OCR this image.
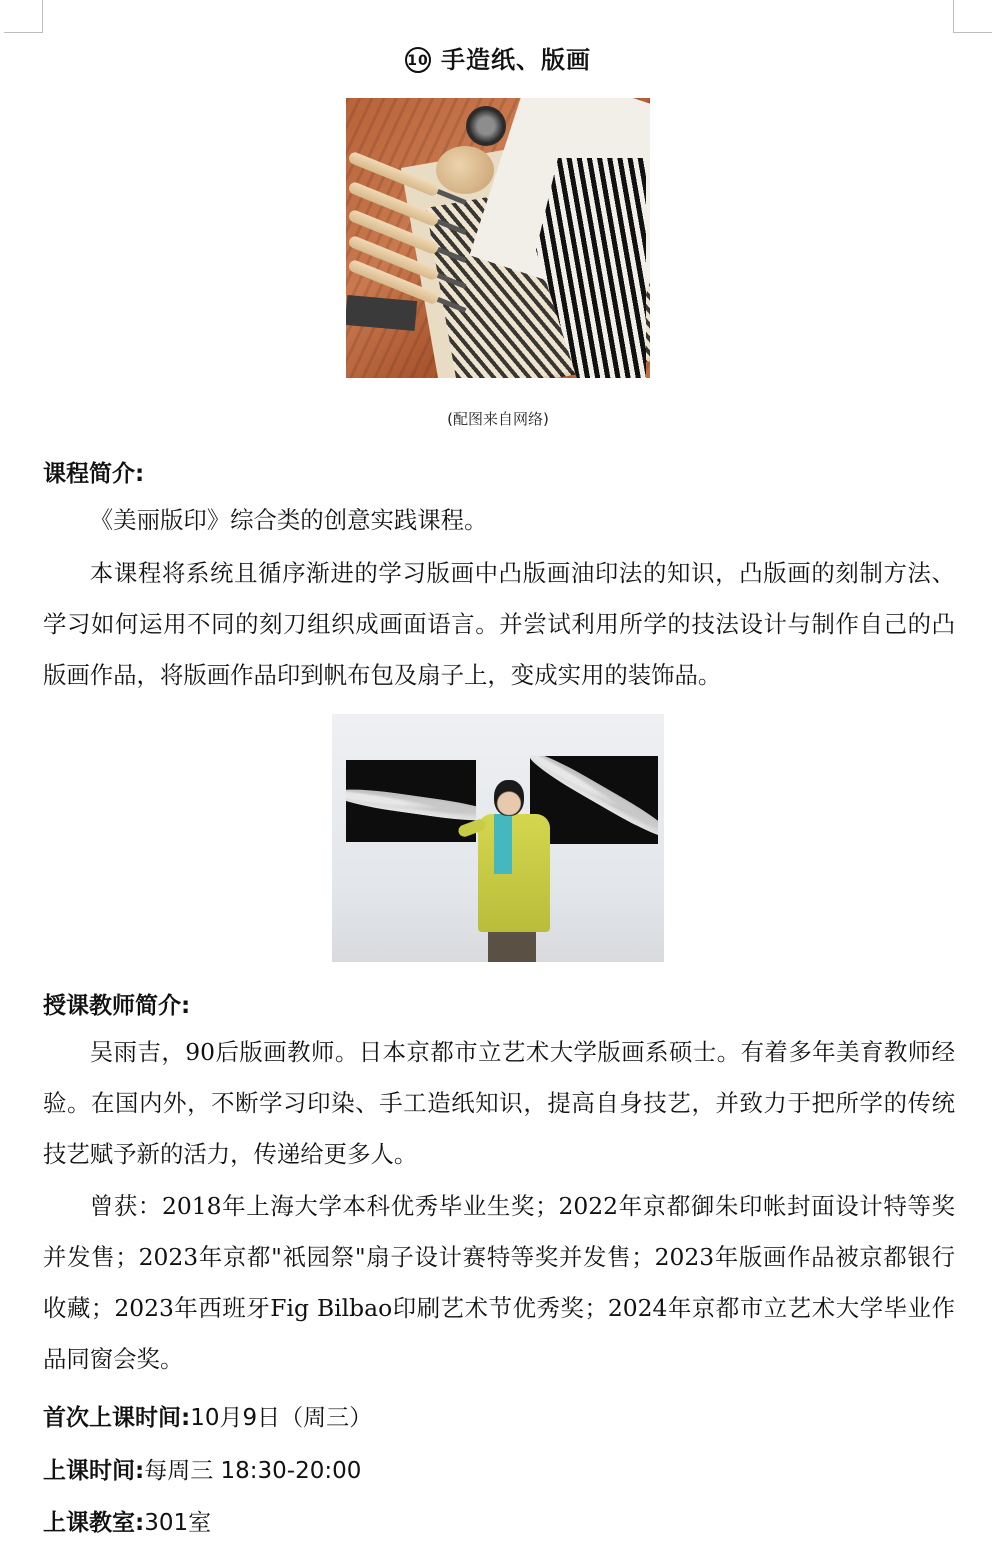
10 手造纸、版画
(配图来自网络)
课程简介:
《美丽版印》综合类的创意实践课程。
本课程将系统且循序渐进的学习版画中凸版画油印法的知识，凸版画的刻制方法、学习如何运用不同的刻刀组织成画面语言。并尝试利用所学的技法设计与制作自己的凸版画作品，将版画作品印到帆布包及扇子上，变成实用的装饰品。
授课教师简介:
吴雨吉，90后版画教师。日本京都市立艺术大学版画系硕士。有着多年美育教师经验。在国内外，不断学习印染、手工造纸知识，提高自身技艺，并致力于把所学的传统技艺赋予新的活力，传递给更多人。
曾获：2018年上海大学本科优秀毕业生奖；2022年京都御朱印帐封面设计特等奖并发售；2023年京都"祇园祭"扇子设计赛特等奖并发售；2023年版画作品被京都银行收藏；2023年西班牙Fig Bilbao印刷艺术节优秀奖；2024年京都市立艺术大学毕业作品同窗会奖。
首次上课时间:10月9日（周三）
上课时间:每周三 18:30-20:00
上课教室:301室
